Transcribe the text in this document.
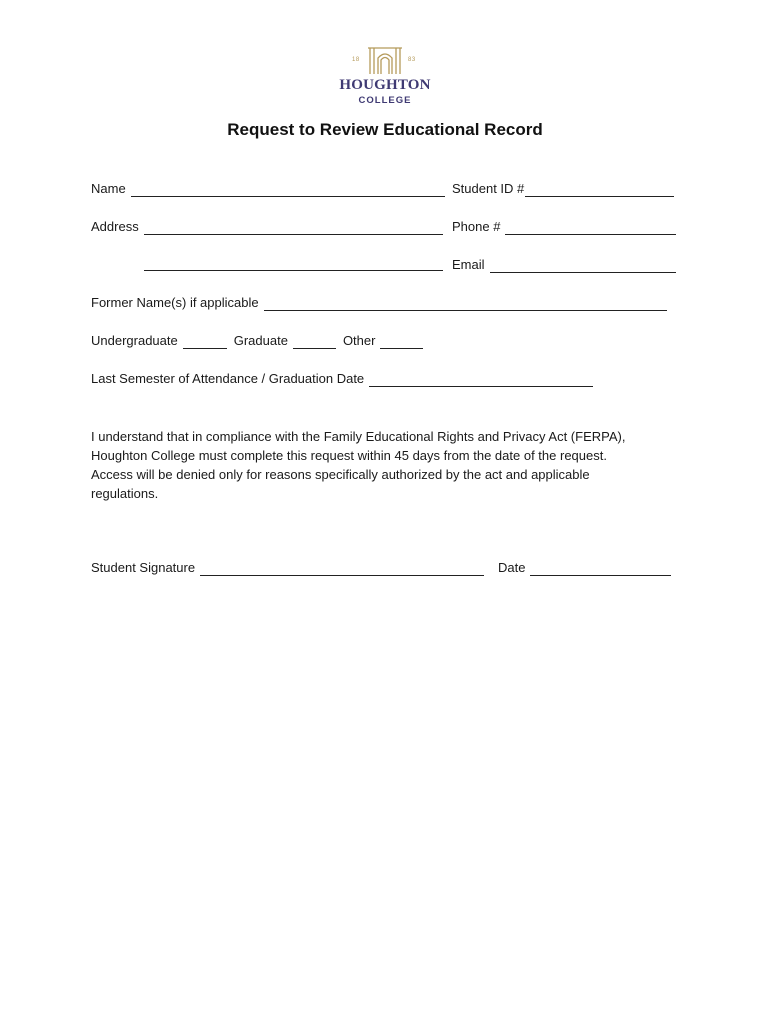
18	83
HOUGHTON
COLLEGE
Request to Review Educational Record
Name	Student ID #
Address	Phone #
Email
Former Name(s) if applicable
Undergraduate	Graduate	Other
Last Semester of Attendance / Graduation Date

I understand that in compliance with the Family Educational Rights and Privacy Act (FERPA),

Houghton College must complete this request within 45 days from the date of the request.

Access will be denied only for reasons specifically authorized by the act and applicable

regulations.

Student Signature	Date
